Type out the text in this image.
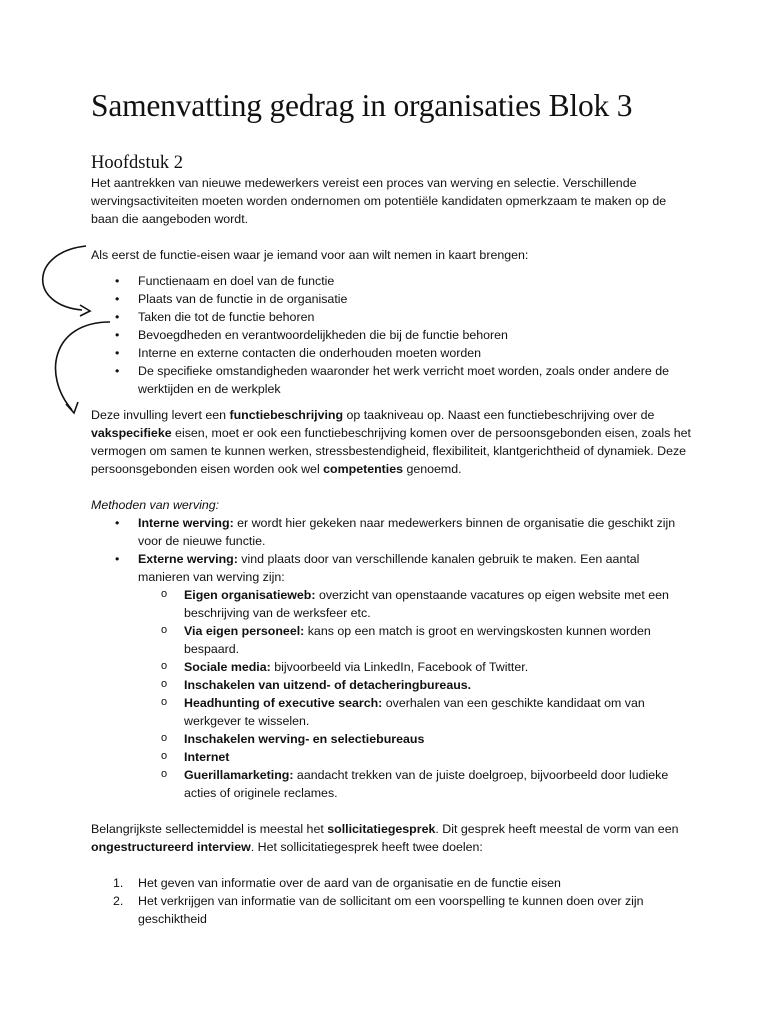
Samenvatting gedrag in organisaties Blok 3
Hoofdstuk 2

Het aantrekken van nieuwe medewerkers vereist een proces van werving en selectie. Verschillende wervingsactiviteiten moeten worden ondernomen om potentiële kandidaten opmerkzaam te maken op de baan die aangeboden wordt.

Als eerst de functie-eisen waar je iemand voor aan wilt nemen in kaart brengen:

• Functienaam en doel van de functie
• Plaats van de functie in de organisatie
• Taken die tot de functie behoren
• Bevoegdheden en verantwoordelijkheden die bij de functie behoren
• Interne en externe contacten die onderhouden moeten worden
• De specifieke omstandigheden waaronder het werk verricht moet worden, zoals onder andere de werktijden en de werkplek

Deze invulling levert een functiebeschrijving op taakniveau op. Naast een functiebeschrijving over de vakspecifieke eisen, moet er ook een functiebeschrijving komen over de persoonsgebonden eisen, zoals het vermogen om samen te kunnen werken, stressbestendigheid, flexibiliteit, klantgerichtheid of dynamiek. Deze persoonsgebonden eisen worden ook wel competenties genoemd.

Methoden van werving:

• Interne werving: er wordt hier gekeken naar medewerkers binnen de organisatie die geschikt zijn voor de nieuwe functie.
• Externe werving: vind plaats door van verschillende kanalen gebruik te maken. Een aantal manieren van werving zijn:
o Eigen organisatieweb: overzicht van openstaande vacatures op eigen website met een beschrijving van de werksfeer etc.
o Via eigen personeel: kans op een match is groot en wervingskosten kunnen worden bespaard.
o Sociale media: bijvoorbeeld via LinkedIn, Facebook of Twitter.
o Inschakelen van uitzend- of detacheringbureaus.
o Headhunting of executive search: overhalen van een geschikte kandidaat om van werkgever te wisselen.
o Inschakelen werving- en selectiebureaus
o Internet
o Guerillamarketing: aandacht trekken van de juiste doelgroep, bijvoorbeeld door ludieke acties of originele reclames.

Belangrijkste sellectemiddel is meestal het sollicitatiegesprek. Dit gesprek heeft meestal de vorm van een ongestructureerd interview. Het sollicitatiegesprek heeft twee doelen:

1. Het geven van informatie over de aard van de organisatie en de functie eisen
2. Het verkrijgen van informatie van de sollicitant om een voorspelling te kunnen doen over zijn geschiktheid
